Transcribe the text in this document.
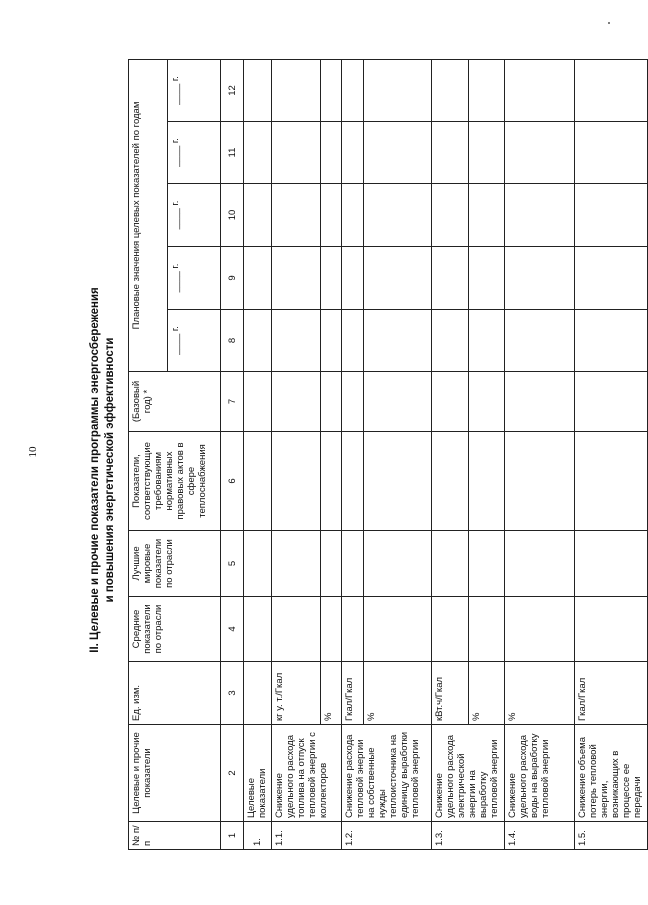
10	II. Целевые и прочие показатели программы энергосбережения и повышения энергетической эффективности
№ п/п	Целевые и прочие показатели	Ед. изм.	Средние показатели по отрасли	Лучшие мировые показатели по отрасли	Показатели, соответствующие требованиям нормативных правовых актов в сфере теплоснабжения	(Базовый год) *	Плановые значения целевых показателей по годам				
							____ г.	____ г.	____ г.	____ г.	____ г.
1	2	3	4	5	6	7	8	9	10	11	12
1.	Целевые показатели										
1.1.	Снижение удельного расхода топлива на отпуск тепловой энергии с коллекторов	кг у. т./Гкал									
		%									
1.2.	Снижение расхода тепловой энергии на собственные нужды теплоисточника на единицу выработки тепловой энергии	Гкал/Гкал									
		%									
1.3.	Снижение удельного расхода электрической энергии на выработку тепловой энергии	кВт.ч/Гкал									
		%									
1.4.	Снижение удельного расхода воды на выработку тепловой энергии	%									
1.5.	Снижение объема потерь тепловой энергии, возникающих в процессе ее передачи	Гкал/Гкал									
